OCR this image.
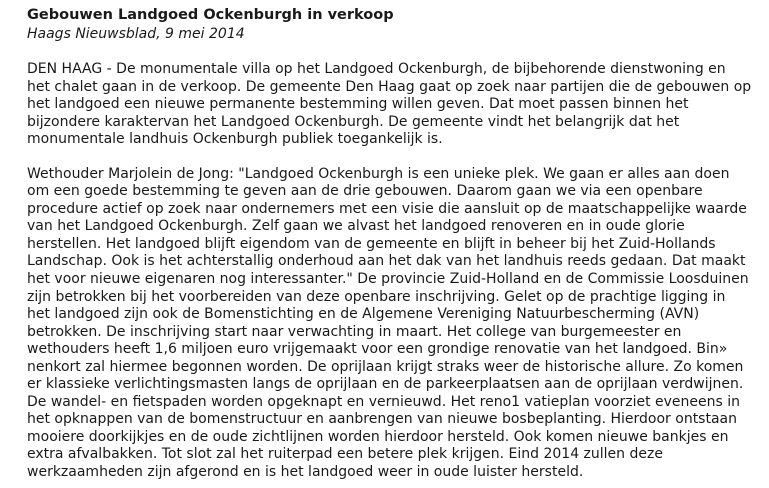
Gebouwen Landgoed Ockenburgh in verkoop
Haags Nieuwsblad, 9 mei 2014

DEN HAAG - De monumentale villa op het Landgoed Ockenburgh, de bijbehorende dienstwoning en
het chalet gaan in de verkoop. De gemeente Den Haag gaat op zoek naar partijen die de gebouwen op
het landgoed een nieuwe permanente bestemming willen geven. Dat moet passen binnen het
bijzondere karaktervan het Landgoed Ockenburgh. De gemeente vindt het belangrijk dat het
monumentale landhuis Ockenburgh publiek toegankelijk is.

Wethouder Marjolein de Jong: "Landgoed Ockenburgh is een unieke plek. We gaan er alles aan doen
om een goede bestemming te geven aan de drie gebouwen. Daarom gaan we via een openbare
procedure actief op zoek naar ondernemers met een visie die aansluit op de maatschappelijke waarde
van het Landgoed Ockenburgh. Zelf gaan we alvast het landgoed renoveren en in oude glorie
herstellen. Het landgoed blijft eigendom van de gemeente en blijft in beheer bij het Zuid-Hollands
Landschap. Ook is het achterstallig onderhoud aan het dak van het landhuis reeds gedaan. Dat maakt
het voor nieuwe eigenaren nog interessanter." De provincie Zuid-Holland en de Commissie Loosduinen
zijn betrokken bij het voorbereiden van deze openbare inschrijving. Gelet op de prachtige ligging in
het landgoed zijn ook de Bomenstichting en de Algemene Vereniging Natuurbescherming (AVN)
betrokken. De inschrijving start naar verwachting in maart. Het college van burgemeester en
wethouders heeft 1,6 miljoen euro vrijgemaakt voor een grondige renovatie van het landgoed. Bin»
nenkort zal hiermee begonnen worden. De oprijlaan krijgt straks weer de historische allure. Zo komen
er klassieke verlichtingsmasten langs de oprijlaan en de parkeerplaatsen aan de oprijlaan verdwijnen.
De wandel- en fietspaden worden opgeknapt en vernieuwd. Het reno1 vatieplan voorziet eveneens in
het opknappen van de bomenstructuur en aanbrengen van nieuwe bosbeplanting. Hierdoor ontstaan
mooiere doorkijkjes en de oude zichtlijnen worden hierdoor hersteld. Ook komen nieuwe bankjes en
extra afvalbakken. Tot slot zal het ruiterpad een betere plek krijgen. Eind 2014 zullen deze
werkzaamheden zijn afgerond en is het landgoed weer in oude luister hersteld.
